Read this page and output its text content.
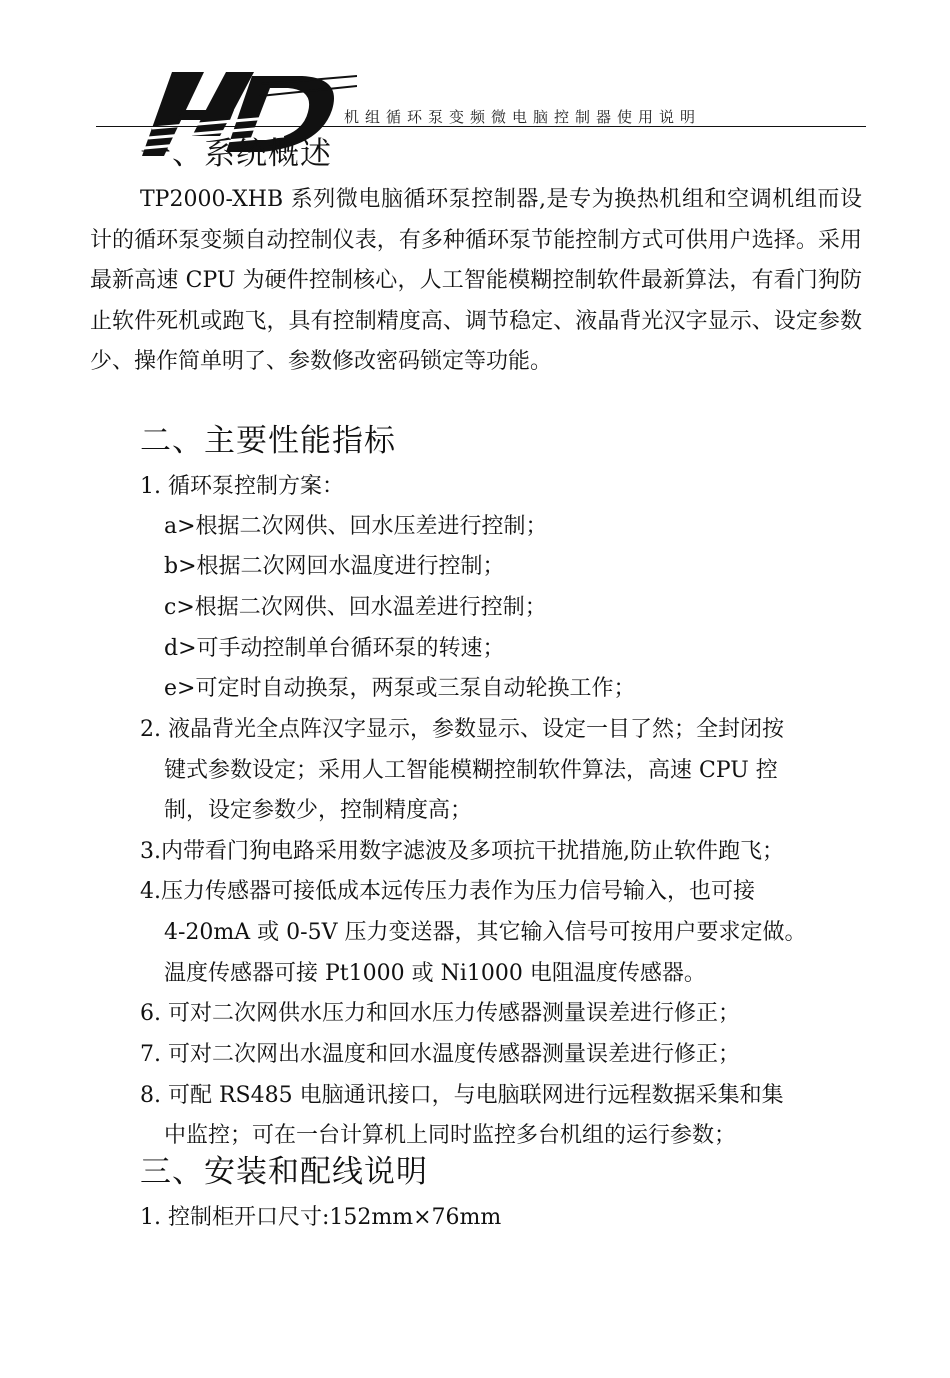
机组循环泵变频微电脑控制器使用说明
一、系统概述

TP2000-XHB 系列微电脑循环泵控制器,是专为换热机组和空调机组而设计的循环泵变频自动控制仪表，有多种循环泵节能控制方式可供用户选择。采用最新高速 CPU 为硬件控制核心，人工智能模糊控制软件最新算法，有看门狗防止软件死机或跑飞，具有控制精度高、调节稳定、液晶背光汉字显示、设定参数少、操作简单明了、参数修改密码锁定等功能。

二、主要性能指标
1. 循环泵控制方案：
a>根据二次网供、回水压差进行控制；
b>根据二次网回水温度进行控制；
c>根据二次网供、回水温差进行控制；
d>可手动控制单台循环泵的转速；
e>可定时自动换泵，两泵或三泵自动轮换工作；
2. 液晶背光全点阵汉字显示，参数显示、设定一目了然；全封闭按
键式参数设定；采用人工智能模糊控制软件算法，高速 CPU 控
制，设定参数少，控制精度高；
3.内带看门狗电路采用数字滤波及多项抗干扰措施,防止软件跑飞；
4.压力传感器可接低成本远传压力表作为压力信号输入，也可接
4-20mA 或 0-5V 压力变送器，其它输入信号可按用户要求定做。
温度传感器可接 Pt1000 或 Ni1000 电阻温度传感器。
6. 可对二次网供水压力和回水压力传感器测量误差进行修正；
7. 可对二次网出水温度和回水温度传感器测量误差进行修正；
8. 可配 RS485 电脑通讯接口，与电脑联网进行远程数据采集和集
中监控；可在一台计算机上同时监控多台机组的运行参数；
三、安装和配线说明
1. 控制柜开口尺寸:152mm×76mm
